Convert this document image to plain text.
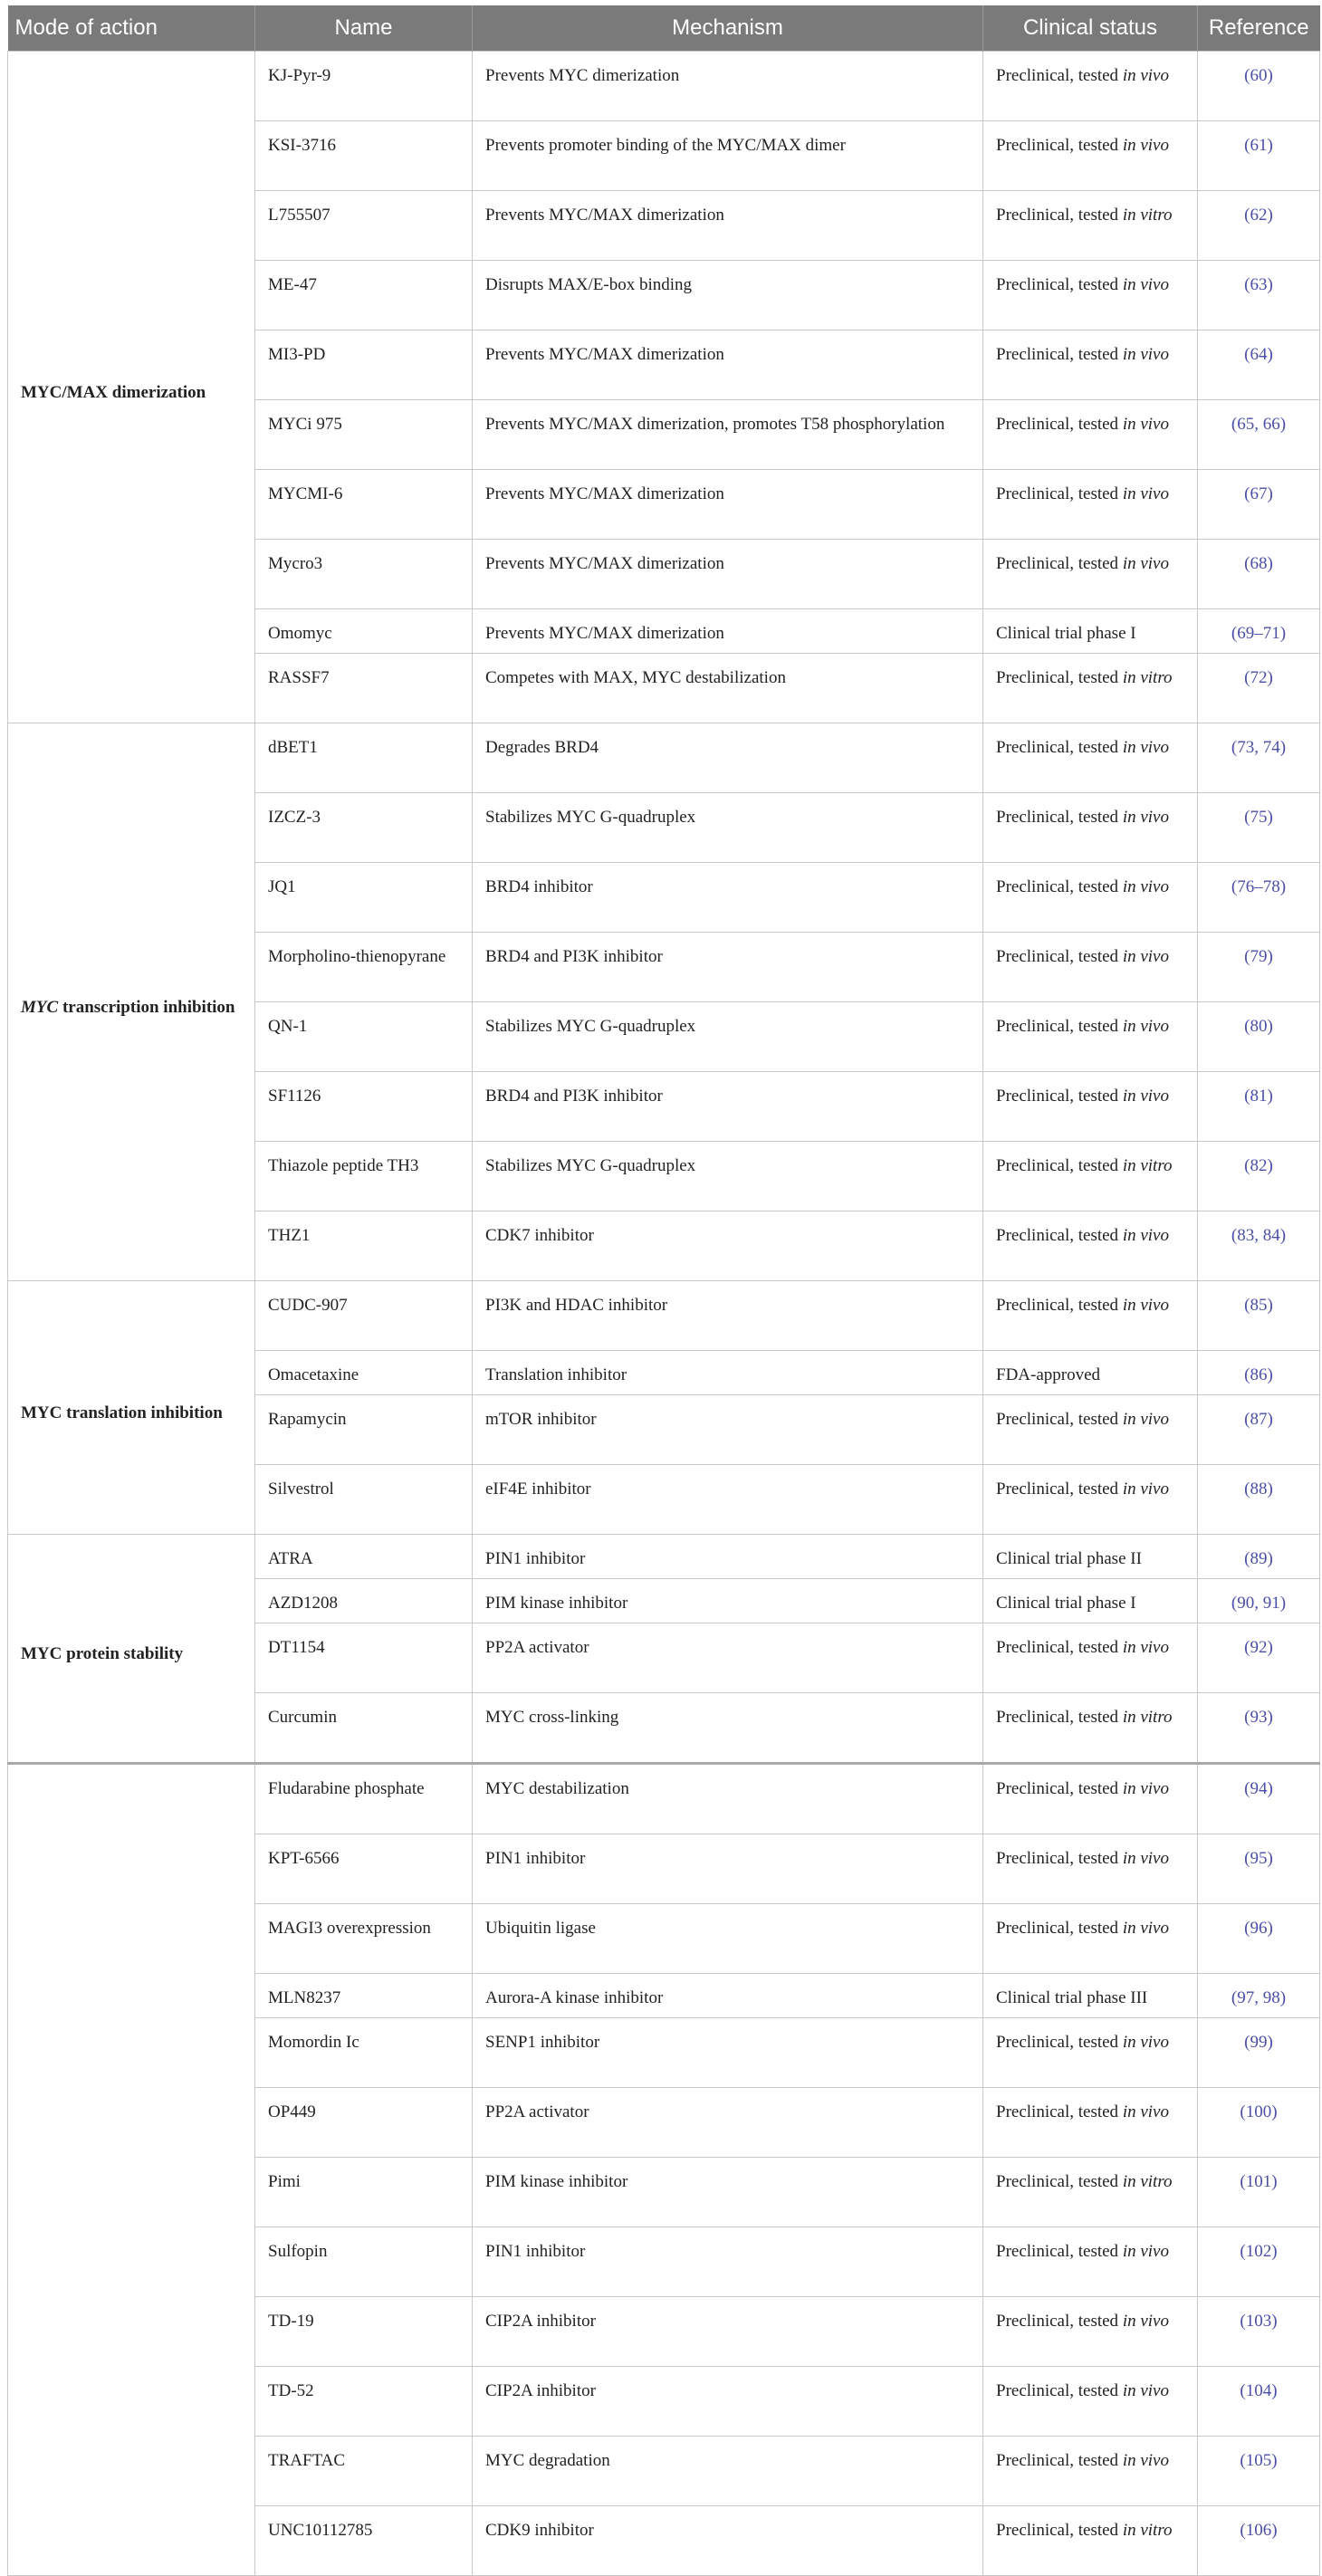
Mode of action	Name	Mechanism	Clinical status	Reference
MYC/MAX dimerization	KJ-Pyr-9	Prevents MYC dimerization	Preclinical, tested in vivo	(60)
	KSI-3716	Prevents promoter binding of the MYC/MAX dimer	Preclinical, tested in vivo	(61)
	L755507	Prevents MYC/MAX dimerization	Preclinical, tested in vitro	(62)
	ME-47	Disrupts MAX/E-box binding	Preclinical, tested in vivo	(63)
	MI3-PD	Prevents MYC/MAX dimerization	Preclinical, tested in vivo	(64)
	MYCi 975	Prevents MYC/MAX dimerization, promotes T58 phosphorylation	Preclinical, tested in vivo	(65, 66)
	MYCMI-6	Prevents MYC/MAX dimerization	Preclinical, tested in vivo	(67)
	Mycro3	Prevents MYC/MAX dimerization	Preclinical, tested in vivo	(68)
	Omomyc	Prevents MYC/MAX dimerization	Clinical trial phase I	(69–71)
	RASSF7	Competes with MAX, MYC destabilization	Preclinical, tested in vitro	(72)
MYC transcription inhibition	dBET1	Degrades BRD4	Preclinical, tested in vivo	(73, 74)
	IZCZ-3	Stabilizes MYC G-quadruplex	Preclinical, tested in vivo	(75)
	JQ1	BRD4 inhibitor	Preclinical, tested in vivo	(76–78)
	Morpholino-thienopyrane	BRD4 and PI3K inhibitor	Preclinical, tested in vivo	(79)
	QN-1	Stabilizes MYC G-quadruplex	Preclinical, tested in vivo	(80)
	SF1126	BRD4 and PI3K inhibitor	Preclinical, tested in vivo	(81)
	Thiazole peptide TH3	Stabilizes MYC G-quadruplex	Preclinical, tested in vitro	(82)
	THZ1	CDK7 inhibitor	Preclinical, tested in vivo	(83, 84)
MYC translation inhibition	CUDC-907	PI3K and HDAC inhibitor	Preclinical, tested in vivo	(85)
	Omacetaxine	Translation inhibitor	FDA-approved	(86)
	Rapamycin	mTOR inhibitor	Preclinical, tested in vivo	(87)
	Silvestrol	eIF4E inhibitor	Preclinical, tested in vivo	(88)
MYC protein stability	ATRA	PIN1 inhibitor	Clinical trial phase II	(89)
	AZD1208	PIM kinase inhibitor	Clinical trial phase I	(90, 91)
	DT1154	PP2A activator	Preclinical, tested in vivo	(92)
	Curcumin	MYC cross-linking	Preclinical, tested in vitro	(93)
	Fludarabine phosphate	MYC destabilization	Preclinical, tested in vivo	(94)
	KPT-6566	PIN1 inhibitor	Preclinical, tested in vivo	(95)
	MAGI3 overexpression	Ubiquitin ligase	Preclinical, tested in vivo	(96)
	MLN8237	Aurora-A kinase inhibitor	Clinical trial phase III	(97, 98)
	Momordin Ic	SENP1 inhibitor	Preclinical, tested in vivo	(99)
	OP449	PP2A activator	Preclinical, tested in vivo	(100)
	Pimi	PIM kinase inhibitor	Preclinical, tested in vitro	(101)
	Sulfopin	PIN1 inhibitor	Preclinical, tested in vivo	(102)
	TD-19	CIP2A inhibitor	Preclinical, tested in vivo	(103)
	TD-52	CIP2A inhibitor	Preclinical, tested in vivo	(104)
	TRAFTAC	MYC degradation	Preclinical, tested in vivo	(105)
	UNC10112785	CDK9 inhibitor	Preclinical, tested in vitro	(106)
